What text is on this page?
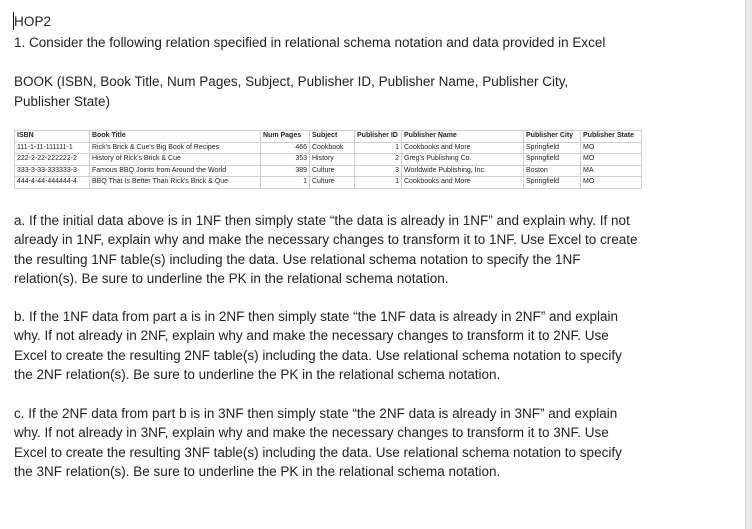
HOP2
1. Consider the following relation specified in relational schema notation and data provided in Excel
BOOK (ISBN, Book Title, Num Pages, Subject, Publisher ID, Publisher Name, Publisher City, Publisher State)
ISBN	Book Title	Num Pages	Subject	Publisher ID	Publisher Name	Publisher City	Publisher State
111-1-11-111111-1	Rick's Brick & Cue's Big Book of Recipes	466	Cookbook	1	Cookbooks and More	Springfield	MO
222-2-22-222222-2	History of Rick's Brick & Cue	353	History	2	Greg's Publishing Co.	Springfield	MO
333-3-33-333333-3	Famous BBQ Joints from Around the World	389	Culture	3	Worldwide Publishing, Inc.	Boston	MA
444-4-44-444444-4	BBQ That Is Better Than Rick's Brick & Que	1	Culture	1	Cookbooks and More	Springfield	MO
a. If the initial data above is in 1NF then simply state “the data is already in 1NF” and explain why. If not already in 1NF, explain why and make the necessary changes to transform it to 1NF. Use Excel to create the resulting 1NF table(s) including the data. Use relational schema notation to specify the 1NF relation(s). Be sure to underline the PK in the relational schema notation.
b. If the 1NF data from part a is in 2NF then simply state “the 1NF data is already in 2NF” and explain why. If not already in 2NF, explain why and make the necessary changes to transform it to 2NF. Use Excel to create the resulting 2NF table(s) including the data. Use relational schema notation to specify the 2NF relation(s). Be sure to underline the PK in the relational schema notation.
c. If the 2NF data from part b is in 3NF then simply state “the 2NF data is already in 3NF” and explain why. If not already in 3NF, explain why and make the necessary changes to transform it to 3NF. Use Excel to create the resulting 3NF table(s) including the data. Use relational schema notation to specify the 3NF relation(s). Be sure to underline the PK in the relational schema notation.
